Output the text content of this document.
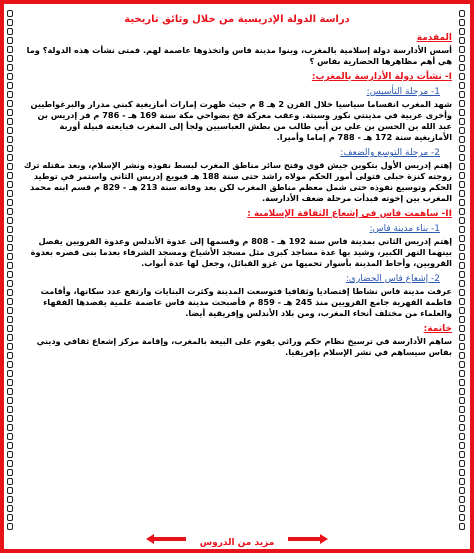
دراسة الدولة الإدريسية من خلال وثائق تاريخية
المقدمة

أسس الأدارسة دولة إسلامية بالمغرب، وبنوا مدينة فاس واتخذوها عاصمة لهم. فمتى نشأت هذه الدولة؟ وما هي أهم مظاهرها الحضارية بفاس ؟

I- نشأت دولة الأدارسة بالمغرب:
1- مرحلة التأسيس:

شهد المغرب انقساما سياسيا خلال القرن 2 هـ 8 م حيث ظهرت إمارات أمازيغية كبني مدرار والبرغواطيين وأخرى عربية في مدينتي نكور وسبتة. وعقب معركة فخ بضواحي مكة سنة 169 هـ - 786 م فر إدريس بن عبد الله بن الحسن بن علي بن أبي طالب من بطش العباسيين ولجأ إلى المغرب فبايعته قبيلة أوربة الأمازيغية سنة 172 هـ - 788 م إماما وأميرا.

2- مرحلة التوسع والضعف:

إهتم إدريس الأول بتكوين جيش قوي وفتح سائر مناطق المغرب لبسط نفوذه ونشر الإسلام، وبعد مقتله ترك زوجته كنزة حبلى فتولى أمور الحكم مولاه راشد حتى سنة 188 هـ فبويع إدريس الثاني واستمر في توطيد الحكم وتوسيع نفوذه حتى شمل معظم مناطق المغرب لكن بعد وفاته سنة 213 هـ - 829 م قسم ابنه محمد المغرب بين إخوته فبدأت مرحلة ضعف الأدارسة.

II- ساهمت فاس في إشعاع الثقافة الإسلامية :
1- بناء مدينة فاس:

إهتم إدريس الثاني بمدينة فاس سنة 192 هـ - 808 م وقسمها إلى عدوة الأندلس وعدوة القرويين يفصل بينهما النهر الكبير، وشيد بها عدة مساجد كبرى مثل مسجد الأشياخ ومسجد الشرفاء بعدما بنى قصره بعدوة القرويين، وأحاط المدينة بأسوار تحميها من غزو القبائل، وجعل لها عدة أبواب.

2- إشعاع فاس الحضاري:

عرفت مدينة فاس نشاطا إقتصاديا وثقافيا فتوسعت المدينة وكثرت البنايات وارتفع عدد سكانها، وأقامت فاطمة الفهرية جامع القرويين منذ 245 هـ - 859 م فأصبحت مدينة فاس عاصمة علمية يقصدها الفقهاء والعلماء من مختلف أنحاء المغرب، ومن بلاد الأندلس وإفريقية أيضا.

خاتمة:

ساهم الأدارسة في ترسيخ نظام حكم وراثي يقوم على البيعة بالمغرب، وإقامة مركز إشعاع ثقافي وديني بفاس سيساهم في نشر الإسلام بإفريقيا.

مزيد من الدروس
